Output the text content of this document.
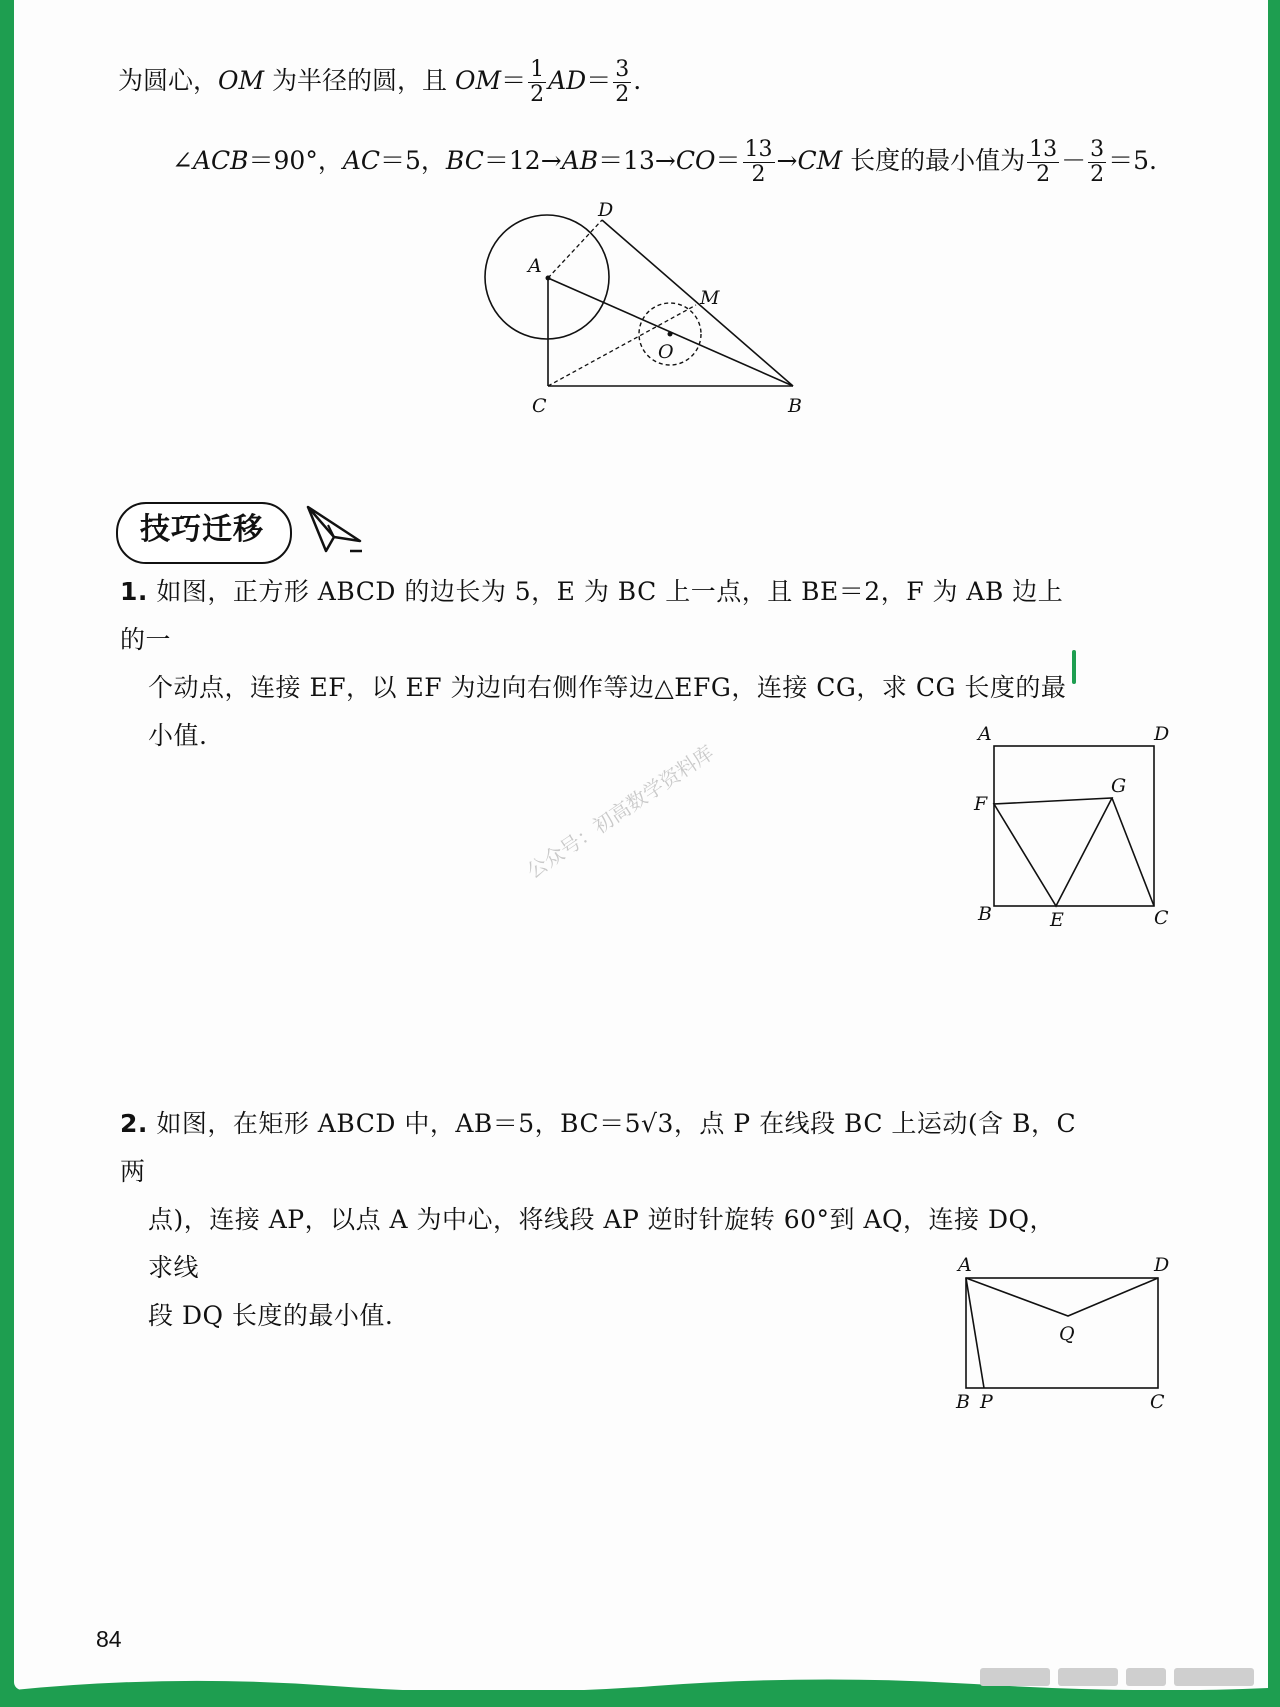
为圆心，OM 为半径的圆，且 $OM= \frac{1}{2} AD= \frac{3}{2}$ .
∠ACB＝90°，AC＝5，$BC=12\to AB=13\to CO= \frac{13}{2} \to CM$ 长度的最小值为 $\frac{13}{2} - \frac{3}{2} =5$.
D
A
M
O
C	B
技巧迁移
1. 如图，正方形 ABCD 的边长为 5，E 为 BC 上一点，且 BE＝2，F 为 AB 边上的一
个动点，连接 EF，以 EF 为边向右侧作等边△EFG，连接 CG，求 CG 长度的最
小值.	A	D
F
G
B	E	C
公众号：初高数学资料库
2. 如图，在矩形 ABCD 中，AB＝5，BC＝5√3，点 P 在线段 BC 上运动(含 B，C 两
点)，连接 AP，以点 A 为中心，将线段 AP 逆时针旋转 60°到 AQ，连接 DQ，求线
段 DQ 长度的最小值.
A	D
Q
B P	C
84
